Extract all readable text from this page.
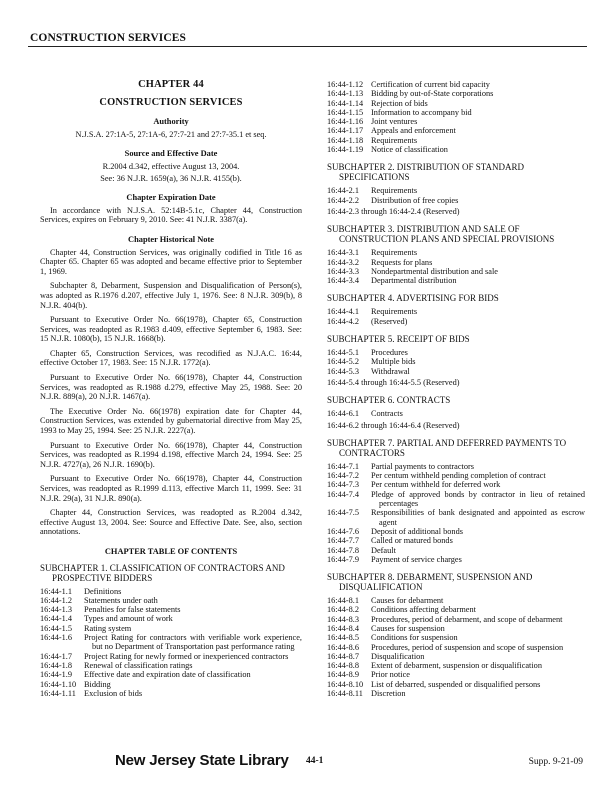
CONSTRUCTION SERVICES
CHAPTER 44
CONSTRUCTION SERVICES
Authority
N.J.S.A. 27:1A-5, 27:1A-6, 27:7-21 and 27:7-35.1 et seq.
Source and Effective Date
R.2004 d.342, effective August 13, 2004.
See: 36 N.J.R. 1659(a), 36 N.J.R. 4155(b).
Chapter Expiration Date
In accordance with N.J.S.A. 52:14B-5.1c, Chapter 44, Construction Services, expires on February 9, 2010. See: 41 N.J.R. 3387(a).
Chapter Historical Note
Chapter 44, Construction Services, was originally codified in Title 16 as Chapter 65. Chapter 65 was adopted and became effective prior to September 1, 1969.
Subchapter 8, Debarment, Suspension and Disqualification of Person(s), was adopted as R.1976 d.207, effective July 1, 1976. See: 8 N.J.R. 309(b), 8 N.J.R. 404(b).
Pursuant to Executive Order No. 66(1978), Chapter 65, Construction Services, was readopted as R.1983 d.409, effective September 6, 1983. See: 15 N.J.R. 1080(b), 15 N.J.R. 1668(b).
Chapter 65, Construction Services, was recodified as N.J.A.C. 16:44, effective October 17, 1983. See: 15 N.J.R. 1772(a).
Pursuant to Executive Order No. 66(1978), Chapter 44, Construction Services, was readopted as R.1988 d.279, effective May 25, 1988. See: 20 N.J.R. 889(a), 20 N.J.R. 1467(a).
The Executive Order No. 66(1978) expiration date for Chapter 44, Construction Services, was extended by gubernatorial directive from May 25, 1993 to May 25, 1994. See: 25 N.J.R. 2227(a).
Pursuant to Executive Order No. 66(1978), Chapter 44, Construction Services, was readopted as R.1994 d.198, effective March 24, 1994. See: 25 N.J.R. 4727(a), 26 N.J.R. 1690(b).
Pursuant to Executive Order No. 66(1978), Chapter 44, Construction Services, was readopted as R.1999 d.113, effective March 11, 1999. See: 31 N.J.R. 29(a), 31 N.J.R. 890(a).
Chapter 44, Construction Services, was readopted as R.2004 d.342, effective August 13, 2004. See: Source and Effective Date. See, also, section annotations.
CHAPTER TABLE OF CONTENTS
SUBCHAPTER 1. CLASSIFICATION OF CONTRACTORS AND PROSPECTIVE BIDDERS
16:44-1.1	Definitions
16:44-1.2	Statements under oath
16:44-1.3	Penalties for false statements
16:44-1.4	Types and amount of work
16:44-1.5	Rating system
16:44-1.6	Project Rating for contractors with verifiable work experience, but no Department of Transportation past performance rating
16:44-1.7	Project Rating for newly formed or inexperienced contractors
16:44-1.8	Renewal of classification ratings
16:44-1.9	Effective date and expiration date of classification
16:44-1.10 Bidding
16:44-1.11 Exclusion of bids
16:44-1.12 Certification of current bid capacity
16:44-1.13 Bidding by out-of-State corporations
16:44-1.14 Rejection of bids
16:44-1.15 Information to accompany bid
16:44-1.16 Joint ventures
16:44-1.17 Appeals and enforcement
16:44-1.18 Requirements
16:44-1.19 Notice of classification
SUBCHAPTER 2. DISTRIBUTION OF STANDARD SPECIFICATIONS
16:44-2.1	Requirements
16:44-2.2	Distribution of free copies
16:44-2.3 through 16:44-2.4 (Reserved)
SUBCHAPTER 3. DISTRIBUTION AND SALE OF CONSTRUCTION PLANS AND SPECIAL PROVISIONS
16:44-3.1	Requirements
16:44-3.2	Requests for plans
16:44-3.3	Nondepartmental distribution and sale
16:44-3.4	Departmental distribution
SUBCHAPTER 4. ADVERTISING FOR BIDS
16:44-4.1	Requirements
16:44-4.2	(Reserved)
SUBCHAPTER 5. RECEIPT OF BIDS
16:44-5.1	Procedures
16:44-5.2	Multiple bids
16:44-5.3	Withdrawal
16:44-5.4 through 16:44-5.5 (Reserved)
SUBCHAPTER 6. CONTRACTS
16:44-6.1	Contracts
16:44-6.2 through 16:44-6.4 (Reserved)
SUBCHAPTER 7. PARTIAL AND DEFERRED PAYMENTS TO CONTRACTORS
16:44-7.1	Partial payments to contractors
16:44-7.2	Per centum withheld pending completion of contract
16:44-7.3	Per centum withheld for deferred work
16:44-7.4	Pledge of approved bonds by contractor in lieu of retained percentages
16:44-7.5	Responsibilities of bank designated and appointed as escrow agent
16:44-7.6	Deposit of additional bonds
16:44-7.7	Called or matured bonds
16:44-7.8	Default
16:44-7.9	Payment of service charges
SUBCHAPTER 8. DEBARMENT, SUSPENSION AND DISQUALIFICATION
16:44-8.1	Causes for debarment
16:44-8.2	Conditions affecting debarment
16:44-8.3	Procedures, period of debarment, and scope of debarment
16:44-8.4	Causes for suspension
16:44-8.5	Conditions for suspension
16:44-8.6	Procedures, period of suspension and scope of suspension
16:44-8.7	Disqualification
16:44-8.8	Extent of debarment, suspension or disqualification
16:44-8.9	Prior notice
16:44-8.10 List of debarred, suspended or disqualified persons
16:44-8.11 Discretion
New Jersey State Library 44-1	Supp. 9-21-09
